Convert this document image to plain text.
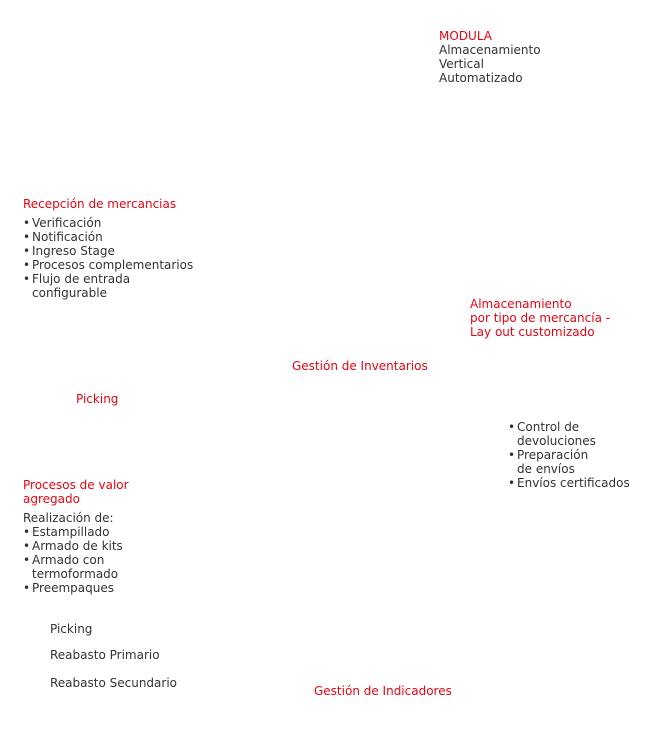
MODULA
Almacenamiento
Vertical
Automatizado
Recepción de mercancias
• Verificación
• Notificación
• Ingreso Stage
• Procesos complementarios
• Flujo de entrada
configurable
Almacenamiento
por tipo de mercancía -
Lay out customizado
Gestión de Inventarios
Picking
• Control de
devoluciones
• Preparación
de envíos
• Envíos certificados
Procesos de valor
agregado
Realización de:
• Estampillado
• Armado de kits
• Armado con
termoformado
• Preempaques
Picking
Reabasto Primario
Reabasto Secundario
Gestión de Indicadores
